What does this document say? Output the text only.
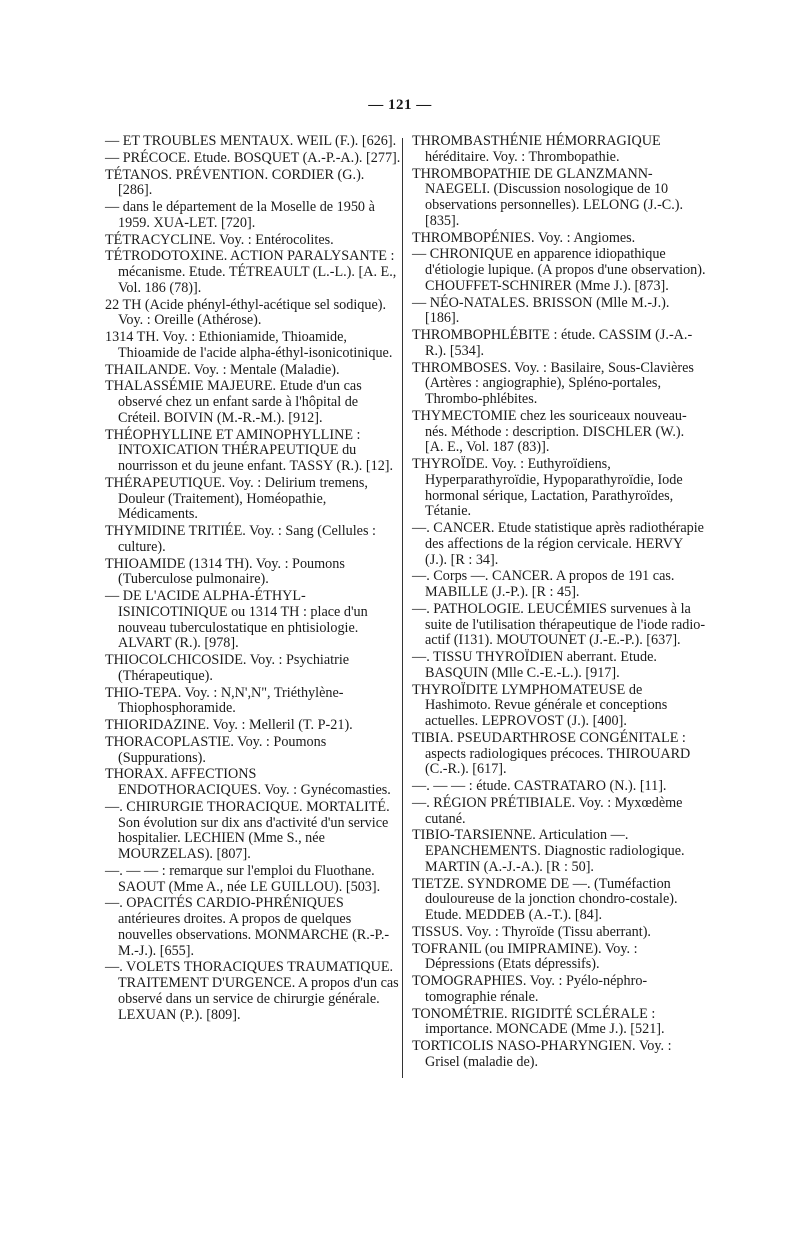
— 121 —

— ET TROUBLES MENTAUX. WEIL (F.). [626].

— PRÉCOCE. Etude. BOSQUET (A.-P.-A.). [277].

TÉTANOS. PRÉVENTION. CORDIER (G.). [286].

— dans le département de la Moselle de 1950 à 1959. XUA-LET. [720].

TÉTRACYCLINE. Voy. : Entérocolites.

TÉTRODOTOXINE. ACTION PARALYSANTE : mécanisme. Etude. TÉTREAULT (L.-L.). [A. E., Vol. 186 (78)].

22 TH (Acide phényl-éthyl-acétique sel sodique). Voy. : Oreille (Athérose).

1314 TH. Voy. : Ethioniamide, Thioamide, Thioamide de l'acide alpha-éthyl-isonicotinique.

THAILANDE. Voy. : Mentale (Maladie).

THALASSÉMIE MAJEURE. Etude d'un cas observé chez un enfant sarde à l'hôpital de Créteil. BOIVIN (M.-R.-M.). [912].

THÉOPHYLLINE ET AMINOPHYLLINE : INTOXICATION THÉRAPEUTIQUE du nourrisson et du jeune enfant. TASSY (R.). [12].

THÉRAPEUTIQUE. Voy. : Delirium tremens, Douleur (Traitement), Homéopathie, Médicaments.

THYMIDINE TRITIÉE. Voy. : Sang (Cellules : culture).

THIOAMIDE (1314 TH). Voy. : Poumons (Tuberculose pulmonaire).

— DE L'ACIDE ALPHA-ÉTHYL-ISINICOTINIQUE ou 1314 TH : place d'un nouveau tuberculostatique en phtisiologie. ALVART (R.). [978].

THIOCOLCHICOSIDE. Voy. : Psychiatrie (Thérapeutique).

THIO-TEPA. Voy. : N,N',N", Triéthylène-Thiophosphoramide.

THIORIDAZINE. Voy. : Melleril (T. P-21).

THORACOPLASTIE. Voy. : Poumons (Suppurations).

THORAX. AFFECTIONS ENDOTHORACIQUES. Voy. : Gynécomasties.

—. CHIRURGIE THORACIQUE. MORTALITÉ. Son évolution sur dix ans d'activité d'un service hospitalier. LECHIEN (Mme S., née MOURZELAS). [807].

—. — — : remarque sur l'emploi du Fluothane. SAOUT (Mme A., née LE GUILLOU). [503].

—. OPACITÉS CARDIO-PHRÉNIQUES antérieures droites. A propos de quelques nouvelles observations. MONMARCHE (R.-P.-M.-J.). [655].

—. VOLETS THORACIQUES TRAUMATIQUE. TRAITEMENT D'URGENCE. A propos d'un cas observé dans un service de chirurgie générale. LEXUAN (P.). [809].

THROMBASTHÉNIE HÉMORRAGIQUE héréditaire. Voy. : Thrombopathie.

THROMBOPATHIE DE GLANZMANN-NAEGELI. (Discussion nosologique de 10 observations personnelles). LELONG (J.-C.). [835].

THROMBOPÉNIES. Voy. : Angiomes.

— CHRONIQUE en apparence idiopathique d'étiologie lupique. (A propos d'une observation). CHOUFFET-SCHNIRER (Mme J.). [873].

— NÉO-NATALES. BRISSON (Mlle M.-J.). [186].

THROMBOPHLÉBITE : étude. CASSIM (J.-A.-R.). [534].

THROMBOSES. Voy. : Basilaire, Sous-Clavières (Artères : angiographie), Spléno-portales, Thrombo-phlébites.

THYMECTOMIE chez les souriceaux nouveau-nés. Méthode : description. DISCHLER (W.). [A. E., Vol. 187 (83)].

THYROÏDE. Voy. : Euthyroïdiens, Hyperparathyroïdie, Hypoparathyroïdie, Iode hormonal sérique, Lactation, Parathyroïdes, Tétanie.

—. CANCER. Etude statistique après radiothérapie des affections de la région cervicale. HERVY (J.). [R : 34].

—. Corps —. CANCER. A propos de 191 cas. MABILLE (J.-P.). [R : 45].

—. PATHOLOGIE. LEUCÉMIES survenues à la suite de l'utilisation thérapeutique de l'iode radio-actif (I131). MOUTOUNET (J.-E.-P.). [637].

—. TISSU THYROÏDIEN aberrant. Etude. BASQUIN (Mlle C.-E.-L.). [917].

THYROÏDITE LYMPHOMATEUSE de Hashimoto. Revue générale et conceptions actuelles. LEPROVOST (J.). [400].

TIBIA. PSEUDARTHROSE CONGÉNITALE : aspects radiologiques précoces. THIROUARD (C.-R.). [617].

—. — — : étude. CASTRATARO (N.). [11].

—. RÉGION PRÉTIBIALE. Voy. : Myxœdème cutané.

TIBIO-TARSIENNE. Articulation —. EPANCHEMENTS. Diagnostic radiologique. MARTIN (A.-J.-A.). [R : 50].

TIETZE. SYNDROME DE —. (Tuméfaction douloureuse de la jonction chondro-costale). Etude. MEDDEB (A.-T.). [84].

TISSUS. Voy. : Thyroïde (Tissu aberrant).

TOFRANIL (ou IMIPRAMINE). Voy. : Dépressions (Etats dépressifs).

TOMOGRAPHIES. Voy. : Pyélo-néphro-tomographie rénale.

TONOMÉTRIE. RIGIDITÉ SCLÉRALE : importance. MONCADE (Mme J.). [521].

TORTICOLIS NASO-PHARYNGIEN. Voy. : Grisel (maladie de).
